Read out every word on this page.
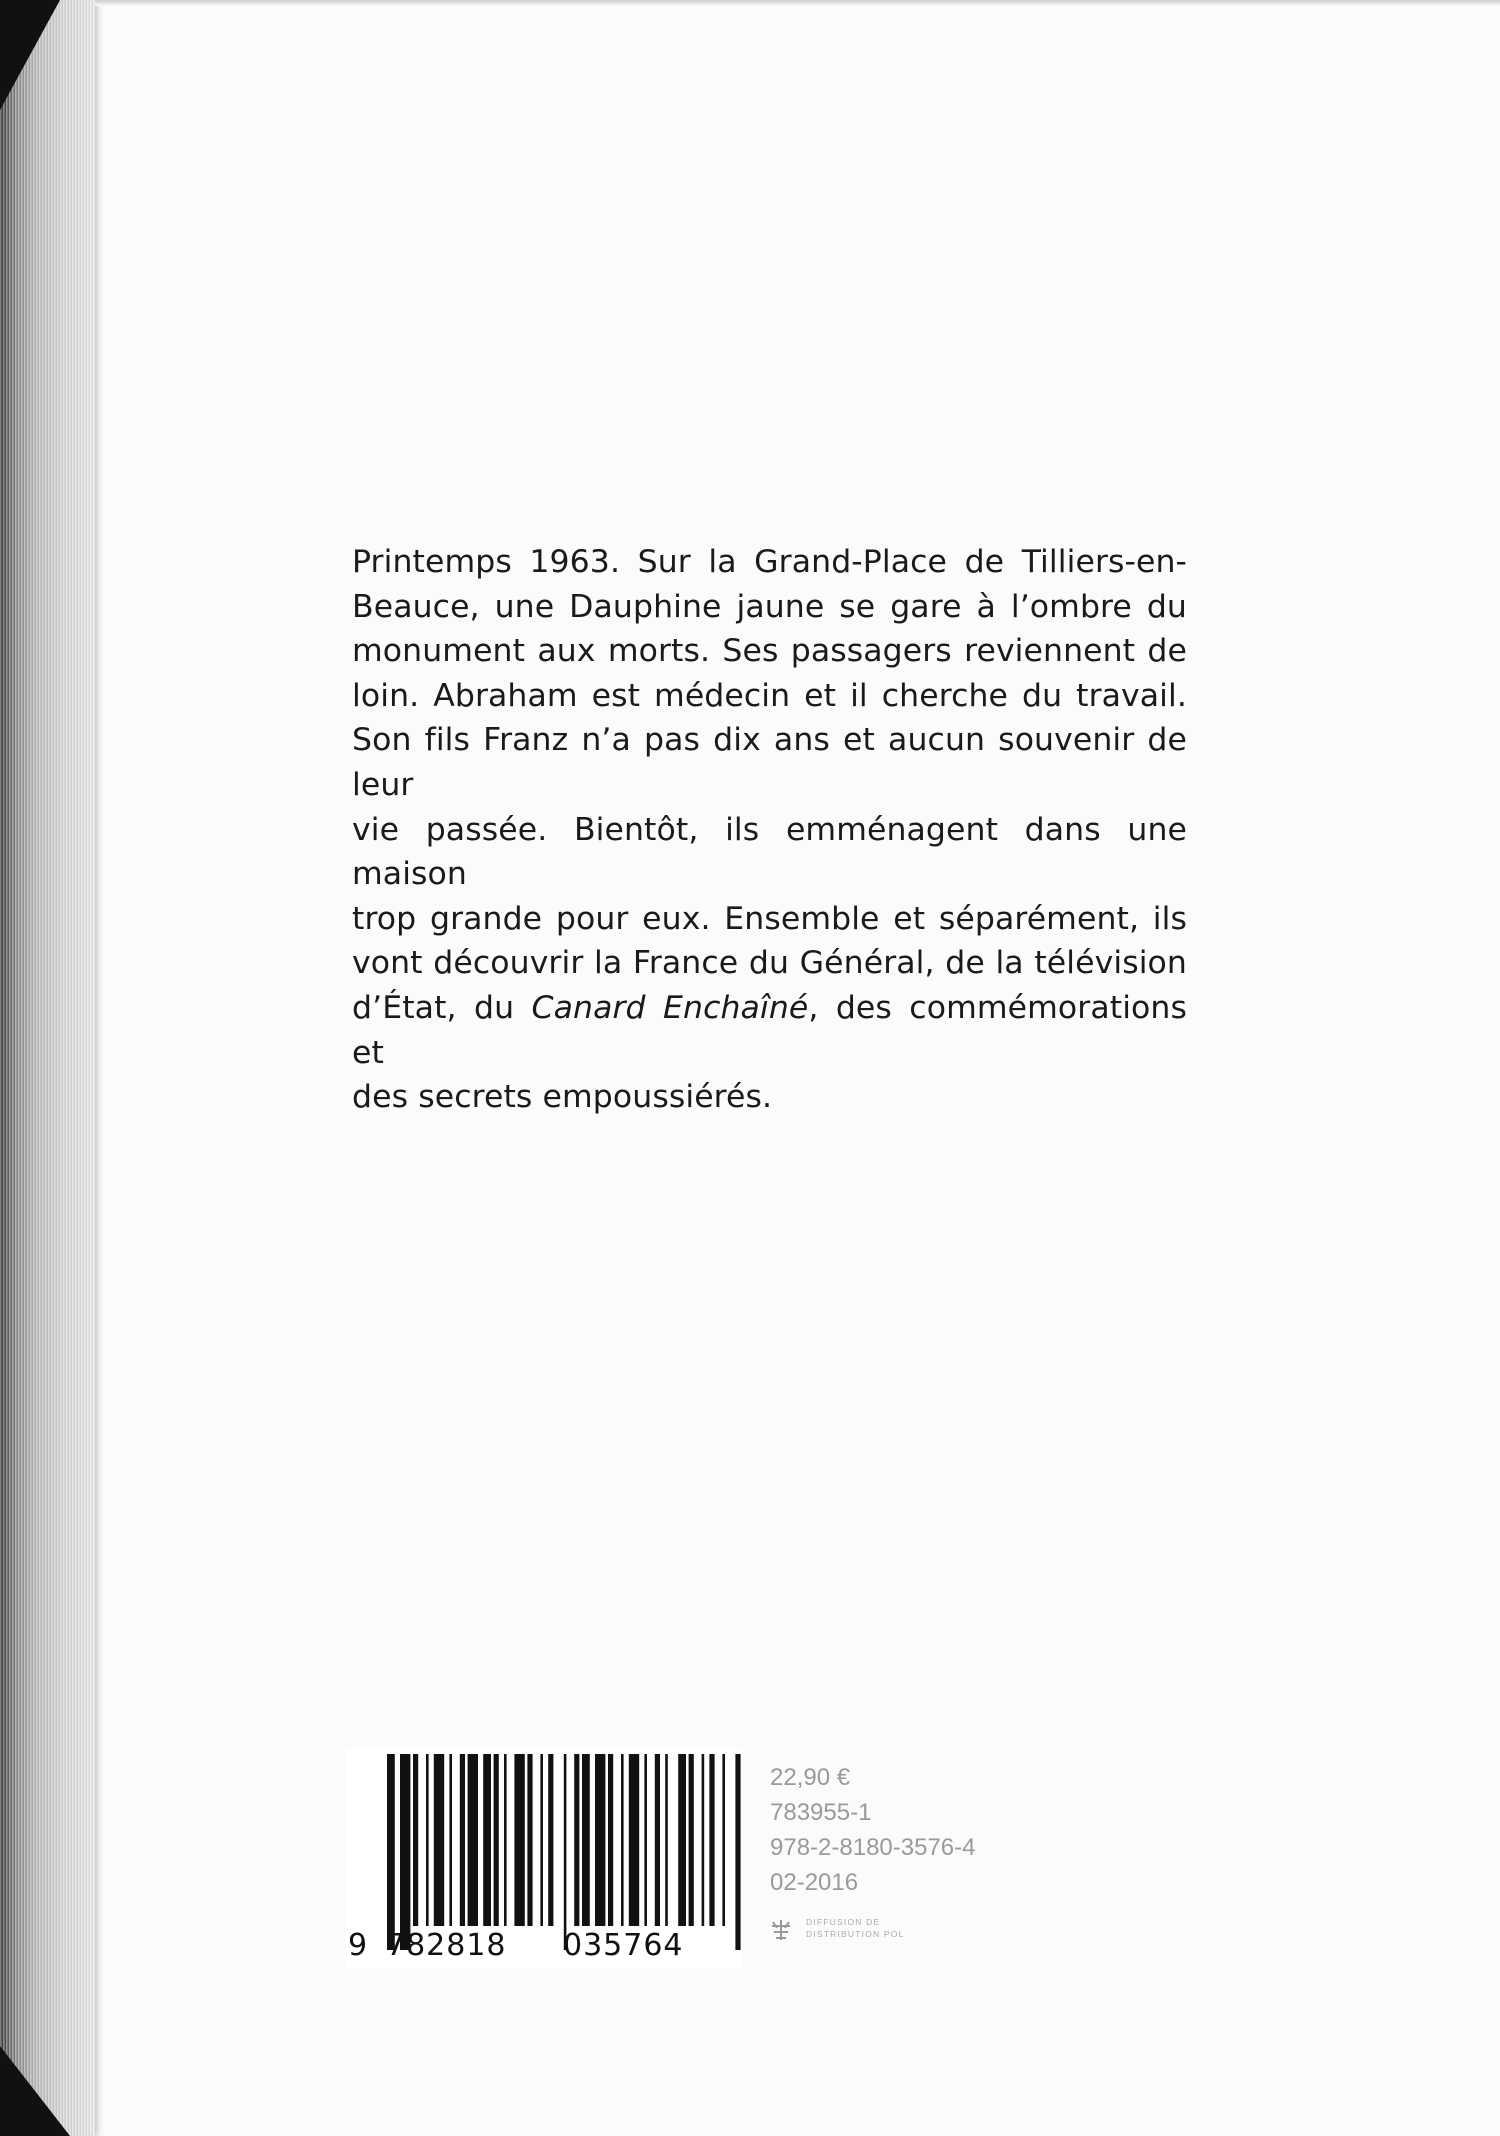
Printemps 1963. Sur la Grand-Place de Tilliers-en-
Beauce, une Dauphine jaune se gare à l’ombre du
monument aux morts. Ses passagers reviennent de
loin. Abraham est médecin et il cherche du travail.
Son fils Franz n’a pas dix ans et aucun souvenir de leur
vie passée. Bientôt, ils emménagent dans une maison
trop grande pour eux. Ensemble et séparément, ils
vont découvrir la France du Général, de la télévision
d’État, du Canard Enchaîné, des commémorations et
des secrets empoussiérés.
9 782818 035764
22,90 €
783955-1
978-2-8180-3576-4
02-2016
DIFFUSION DE
DISTRIBUTION POL
